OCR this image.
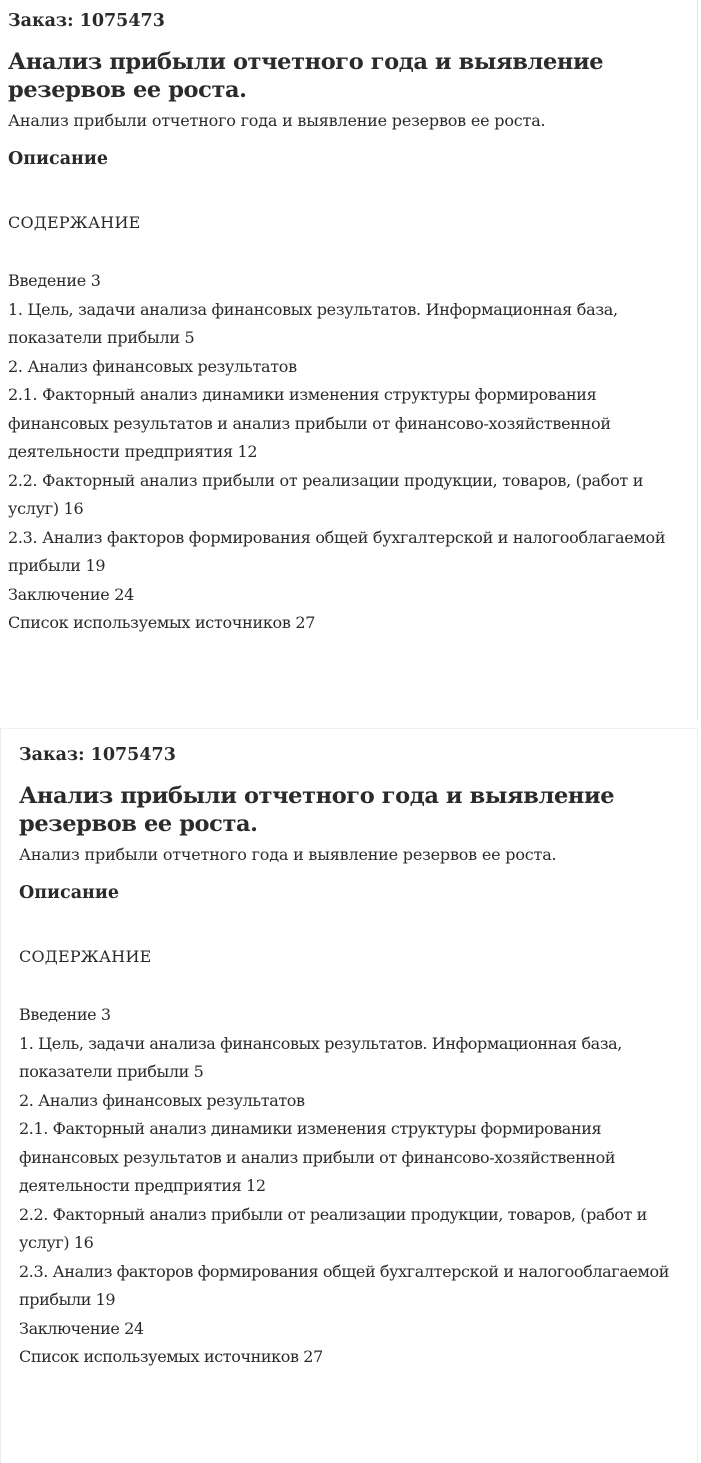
Заказ: 1075473
Анализ прибыли отчетного года и выявление резервов ее роста.
Анализ прибыли отчетного года и выявление резервов ее роста.
Описание
СОДЕРЖАНИЕ
Введение 3
1. Цель, задачи анализа финансовых результатов. Информационная база, показатели прибыли 5
2. Анализ финансовых результатов
2.1. Факторный анализ динамики изменения структуры формирования финансовых результатов и анализ прибыли от финансово-хозяйственной деятельности предприятия 12
2.2. Факторный анализ прибыли от реализации продукции, товаров, (работ и услуг) 16
2.3. Анализ факторов формирования общей бухгалтерской и налогооблагаемой прибыли 19
Заключение 24
Список используемых источников 27
Заказ: 1075473
Анализ прибыли отчетного года и выявление резервов ее роста.
Анализ прибыли отчетного года и выявление резервов ее роста.
Описание
СОДЕРЖАНИЕ
Введение 3
1. Цель, задачи анализа финансовых результатов. Информационная база, показатели прибыли 5
2. Анализ финансовых результатов
2.1. Факторный анализ динамики изменения структуры формирования финансовых результатов и анализ прибыли от финансово-хозяйственной деятельности предприятия 12
2.2. Факторный анализ прибыли от реализации продукции, товаров, (работ и услуг) 16
2.3. Анализ факторов формирования общей бухгалтерской и налогооблагаемой прибыли 19
Заключение 24
Список используемых источников 27
